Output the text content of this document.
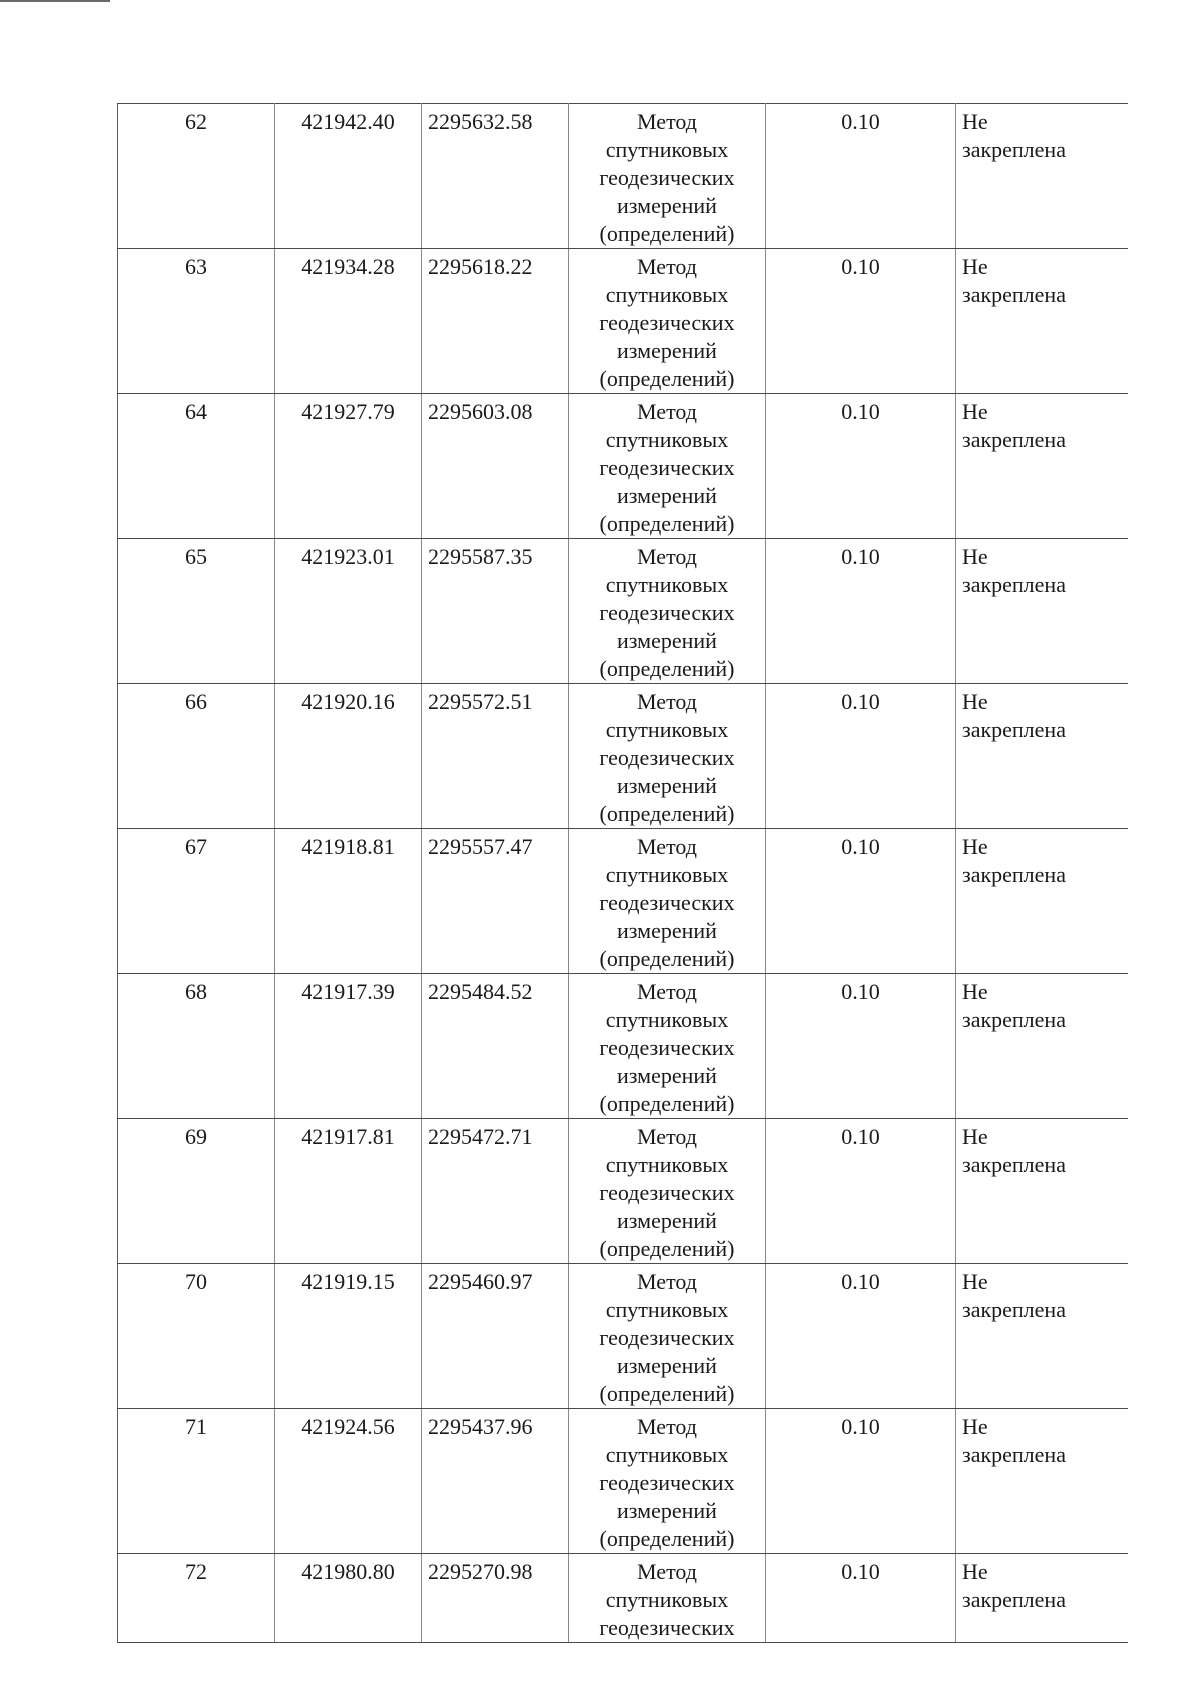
62	421942.40	2295632.58	Метод
спутниковых
геодезических
измерений
(определений)	0.10	Не
закреплена

63	421934.28	2295618.22	Метод
спутниковых
геодезических
измерений
(определений)	0.10	Не
закреплена

64	421927.79	2295603.08	Метод
спутниковых
геодезических
измерений
(определений)	0.10	Не
закреплена

65	421923.01	2295587.35	Метод
спутниковых
геодезических
измерений
(определений)	0.10	Не
закреплена

66	421920.16	2295572.51	Метод
спутниковых
геодезических
измерений
(определений)	0.10	Не
закреплена

67	421918.81	2295557.47	Метод
спутниковых
геодезических
измерений
(определений)	0.10	Не
закреплена

68	421917.39	2295484.52	Метод
спутниковых
геодезических
измерений
(определений)	0.10	Не
закреплена

69	421917.81	2295472.71	Метод
спутниковых
геодезических
измерений
(определений)	0.10	Не
закреплена

70	421919.15	2295460.97	Метод
спутниковых
геодезических
измерений
(определений)	0.10	Не
закреплена

71	421924.56	2295437.96	Метод
спутниковых
геодезических
измерений
(определений)	0.10	Не
закреплена

72	421980.80	2295270.98	Метод
спутниковых
геодезических	0.10	Не
закреплена
